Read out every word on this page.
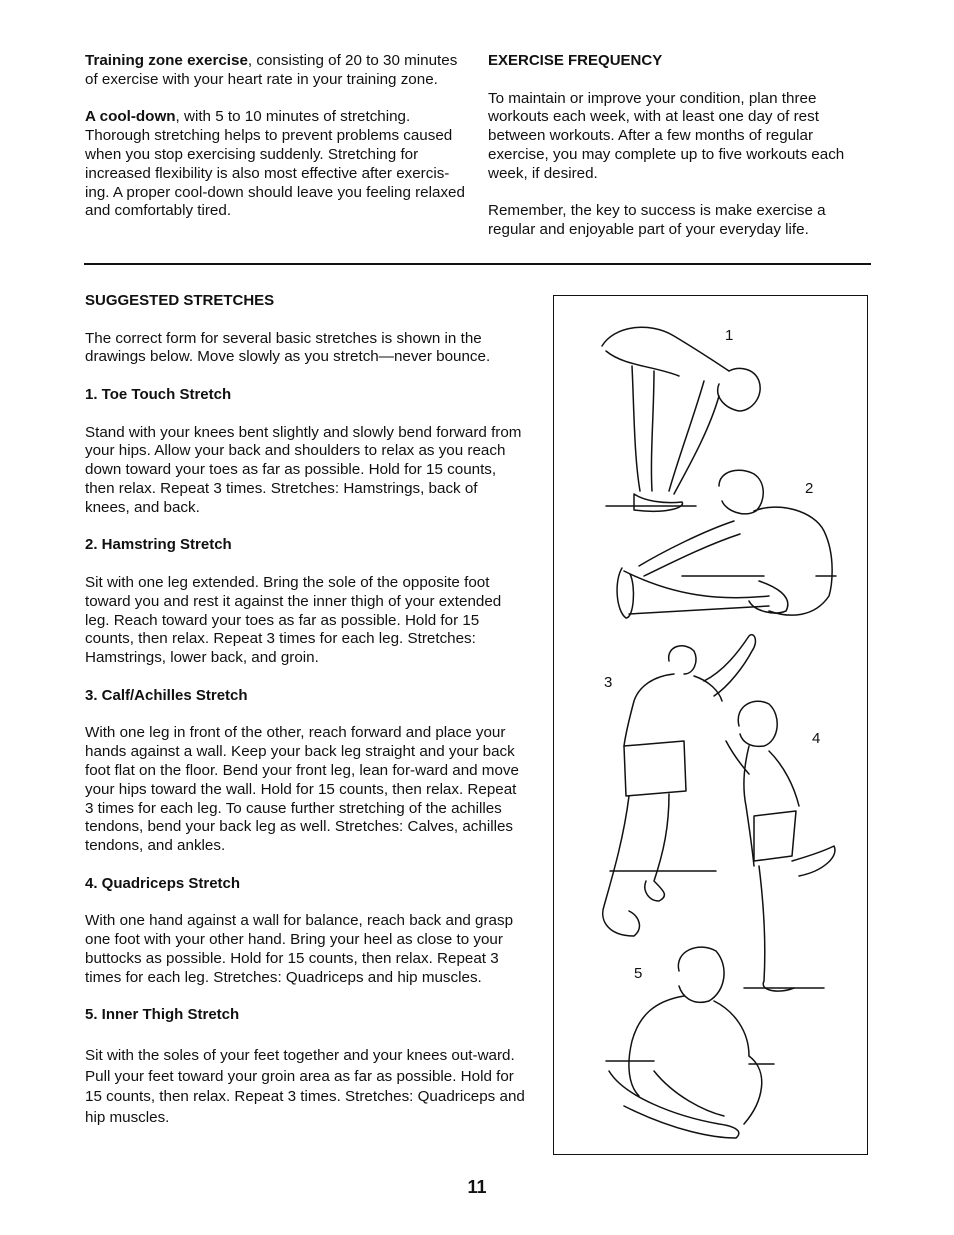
Training zone exercise, consisting of 20 to 30 minutes of exercise with your heart rate in your training zone.

A cool-down, with 5 to 10 minutes of stretching. Thorough stretching helps to prevent problems caused when you stop exercising suddenly. Stretching for increased flexibility is also most effective after exercis-ing. A proper cool-down should leave you feeling relaxed and comfortably tired.

EXERCISE FREQUENCY

To maintain or improve your condition, plan three workouts each week, with at least one day of rest between workouts. After a few months of regular exercise, you may complete up to five workouts each week, if desired.

Remember, the key to success is make exercise a regular and enjoyable part of your everyday life.

SUGGESTED STRETCHES

The correct form for several basic stretches is shown in the drawings below. Move slowly as you stretch—never bounce.

1. Toe Touch Stretch

Stand with your knees bent slightly and slowly bend forward from your hips. Allow your back and shoulders to relax as you reach down toward your toes as far as possible. Hold for 15 counts, then relax. Repeat 3 times. Stretches: Hamstrings, back of knees, and back.

2. Hamstring Stretch

Sit with one leg extended. Bring the sole of the opposite foot toward you and rest it against the inner thigh of your extended leg. Reach toward your toes as far as possible. Hold for 15 counts, then relax. Repeat 3 times for each leg. Stretches: Hamstrings, lower back, and groin.

3. Calf/Achilles Stretch

With one leg in front of the other, reach forward and place your hands against a wall. Keep your back leg straight and your back foot flat on the floor. Bend your front leg, lean for-ward and move your hips toward the wall. Hold for 15 counts, then relax. Repeat 3 times for each leg. To cause further stretching of the achilles tendons, bend your back leg as well. Stretches: Calves, achilles tendons, and ankles.

4. Quadriceps Stretch

With one hand against a wall for balance, reach back and grasp one foot with your other hand. Bring your heel as close to your buttocks as possible. Hold for 15 counts, then relax. Repeat 3 times for each leg. Stretches: Quadriceps and hip muscles.

5. Inner Thigh Stretch

Sit with the soles of your feet together and your knees out-ward. Pull your feet toward your groin area as far as possible. Hold for 15 counts, then relax. Repeat 3 times. Stretches: Quadriceps and hip muscles.

1
2
3
4
5
11
